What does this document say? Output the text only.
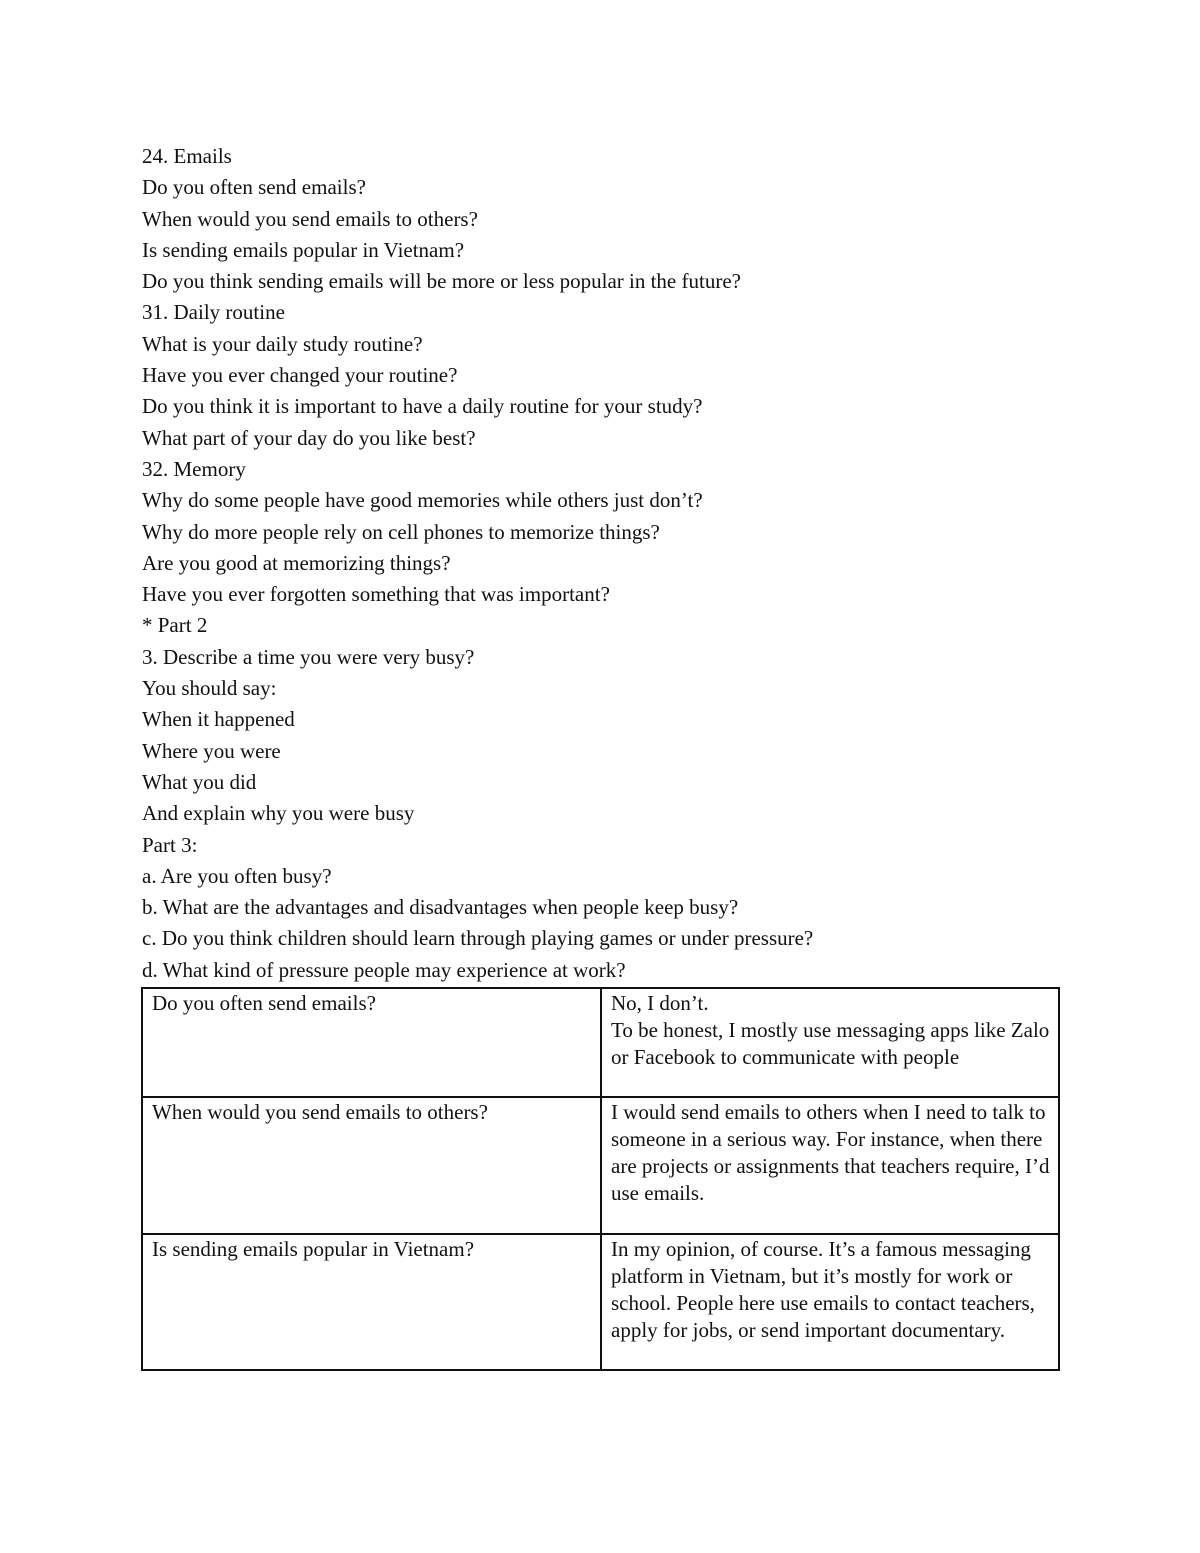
24. Emails
Do you often send emails?
When would you send emails to others?
Is sending emails popular in Vietnam?
Do you think sending emails will be more or less popular in the future?
31. Daily routine
What is your daily study routine?
Have you ever changed your routine?
Do you think it is important to have a daily routine for your study?
What part of your day do you like best?
32. Memory
Why do some people have good memories while others just don’t?
Why do more people rely on cell phones to memorize things?
Are you good at memorizing things?
Have you ever forgotten something that was important?
* Part 2
3. Describe a time you were very busy?
You should say:
When it happened
Where you were
What you did
And explain why you were busy
Part 3:
a. Are you often busy?
b. What are the advantages and disadvantages when people keep busy?
c. Do you think children should learn through playing games or under pressure?
d. What kind of pressure people may experience at work?
Do you often send emails?	No, I don’t.
To be honest, I mostly use messaging apps like Zalo or Facebook to communicate with people

When would you send emails to others?	I would send emails to others when I need to talk to someone in a serious way. For instance, when there are projects or assignments that teachers require, I’d use emails.

Is sending emails popular in Vietnam?	In my opinion, of course. It’s a famous messaging platform in Vietnam, but it’s mostly for work or school. People here use emails to contact teachers, apply for jobs, or send important documentary.
